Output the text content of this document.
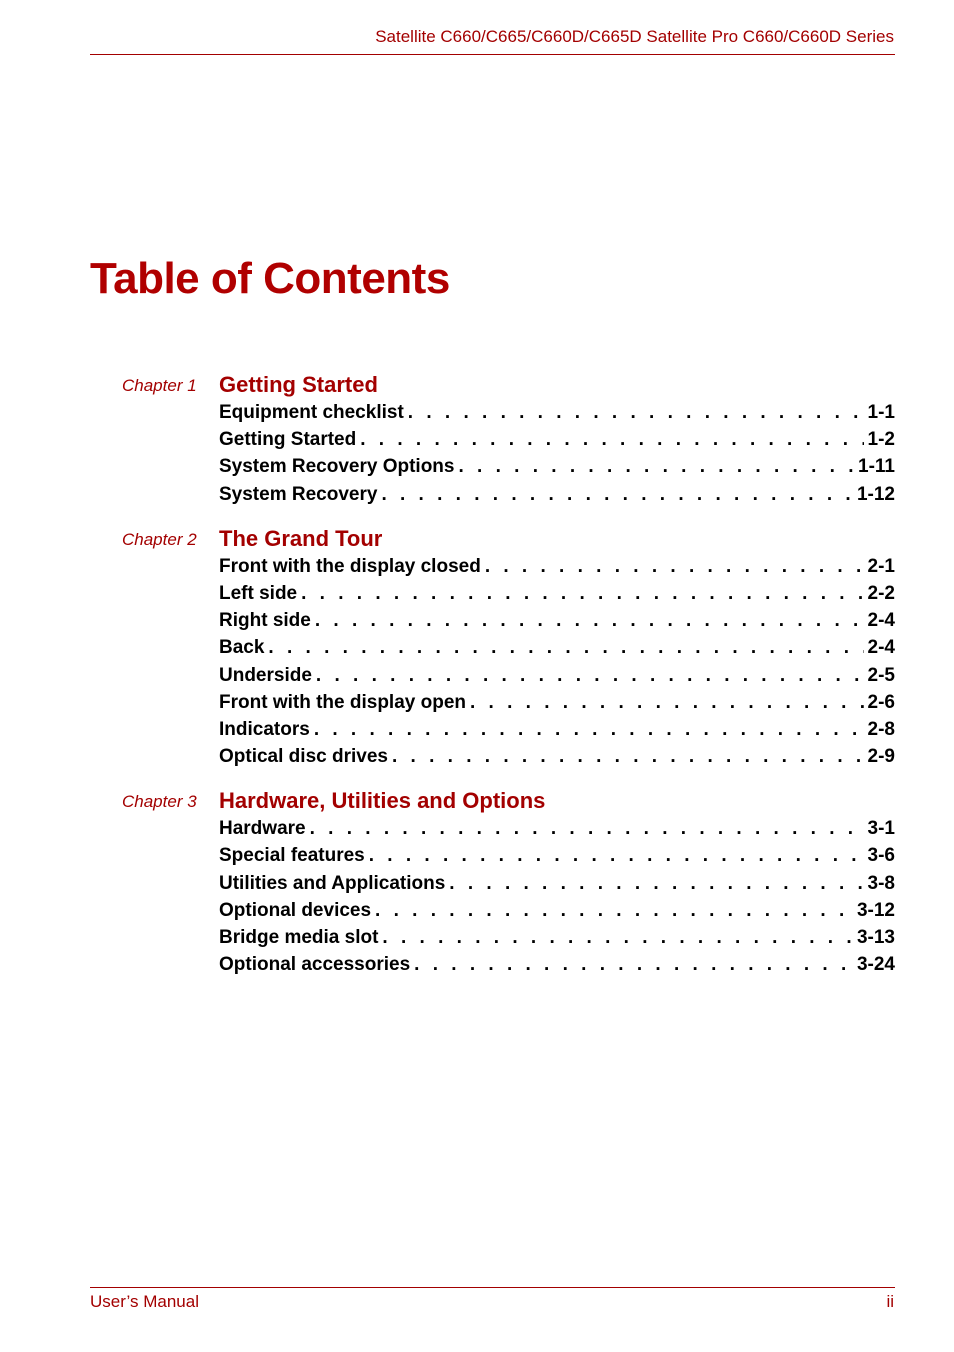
Satellite C660/C665/C660D/C665D Satellite Pro C660/C660D Series
Table of Contents
Chapter 1 Getting Started
Equipment checklist . . .	1-1
Getting Started . . .	1-2
System Recovery Options . . .	1-11
System Recovery . . .	1-12
Chapter 2 The Grand Tour
Front with the display closed . . .	2-1
Left side . . .	2-2
Right side . . .	2-4
Back . . .	2-4
Underside . . .	2-5
Front with the display open . . .	2-6
Indicators . . .	2-8
Optical disc drives . . .	2-9
Chapter 3 Hardware, Utilities and Options
Hardware . . .	3-1
Special features . . .	3-6
Utilities and Applications . . .	3-8
Optional devices . . .	3-12
Bridge media slot . . .	3-13
Optional accessories . . .	3-24
User’s Manual	ii
